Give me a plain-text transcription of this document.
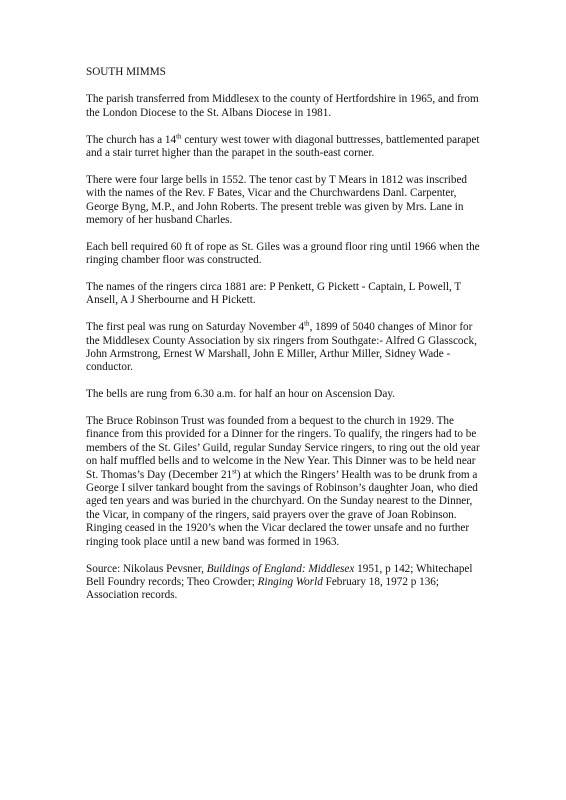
SOUTH MIMMS
The parish transferred from Middlesex to the county of Hertfordshire in 1965, and from the London Diocese to the St. Albans Diocese in 1981.
The church has a 14th century west tower with diagonal buttresses, battlemented parapet and a stair turret higher than the parapet in the south-east corner.
There were four large bells in 1552. The tenor cast by T Mears in 1812 was inscribed with the names of the Rev. F Bates, Vicar and the Churchwardens Danl. Carpenter, George Byng, M.P., and John Roberts. The present treble was given by Mrs. Lane in memory of her husband Charles.
Each bell required 60 ft of rope as St. Giles was a ground floor ring until 1966 when the ringing chamber floor was constructed.
The names of the ringers circa 1881 are: P Penkett, G Pickett - Captain, L Powell, T Ansell, A J Sherbourne and H Pickett.
The first peal was rung on Saturday November 4th, 1899 of 5040 changes of Minor for the Middlesex County Association by six ringers from Southgate:- Alfred G Glasscock, John Armstrong, Ernest W Marshall, John E Miller, Arthur Miller, Sidney Wade - conductor.
The bells are rung from 6.30 a.m. for half an hour on Ascension Day.
The Bruce Robinson Trust was founded from a bequest to the church in 1929. The finance from this provided for a Dinner for the ringers. To qualify, the ringers had to be members of the St. Giles’ Guild, regular Sunday Service ringers, to ring out the old year on half muffled bells and to welcome in the New Year. This Dinner was to be held near St. Thomas’s Day (December 21st) at which the Ringers’ Health was to be drunk from a George I silver tankard bought from the savings of Robinson’s daughter Joan, who died aged ten years and was buried in the churchyard. On the Sunday nearest to the Dinner, the Vicar, in company of the ringers, said prayers over the grave of Joan Robinson. Ringing ceased in the 1920’s when the Vicar declared the tower unsafe and no further ringing took place until a new band was formed in 1963.
Source: Nikolaus Pevsner, Buildings of England: Middlesex 1951, p 142; Whitechapel Bell Foundry records; Theo Crowder; Ringing World February 18, 1972 p 136; Association records.
